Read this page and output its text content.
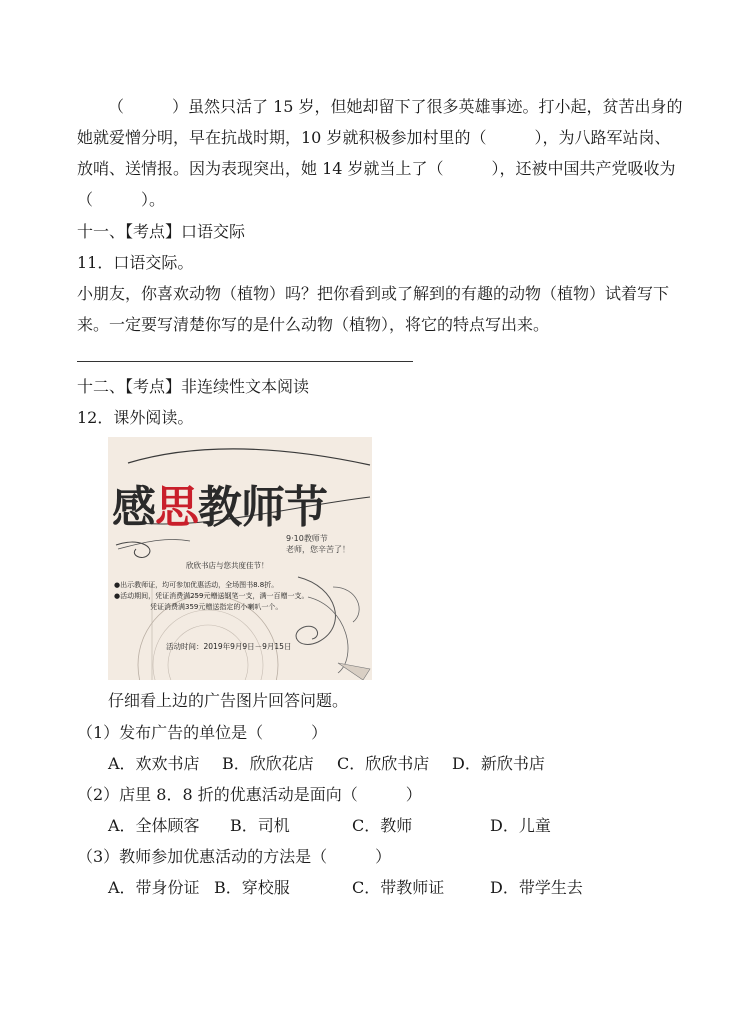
（　　　）虽然只活了 15 岁，但她却留下了很多英雄事迹。打小起，贫苦出身的
她就爱憎分明，早在抗战时期，10 岁就积极参加村里的（　　　），为八路军站岗、
放哨、送情报。因为表现突出，她 14 岁就当上了（　　　），还被中国共产党吸收为
（　　　）。
十一、【考点】口语交际
11．口语交际。
小朋友，你喜欢动物（植物）吗？把你看到或了解到的有趣的动物（植物）试着写下
来。一定要写清楚你写的是什么动物（植物），将它的特点写出来。
十二、【考点】非连续性文本阅读
12．课外阅读。
感思教师节
9·10教师节
老师，您辛苦了！
欣欣书店与您共度佳节！
●出示教师证，均可参加优惠活动，全场图书8.8折。
●活动期间，凭证消费满259元赠送钢笔一支，满一百赠一支。
凭证消费满359元赠送指定的小喇叭一个。
活动时间：2019年9月9日－9月15日
仔细看上边的广告图片回答问题。
（1）发布广告的单位是（　　　）
A．欢欢书店 B．欣欣花店 C．欣欣书店 D．新欣书店
（2）店里 8．8 折的优惠活动是面向（　　　）
A．全体顾客 B．司机	C．教师	D．儿童
（3）教师参加优惠活动的方法是（　　　）
A．带身份证 B．穿校服	C．带教师证	D．带学生去
